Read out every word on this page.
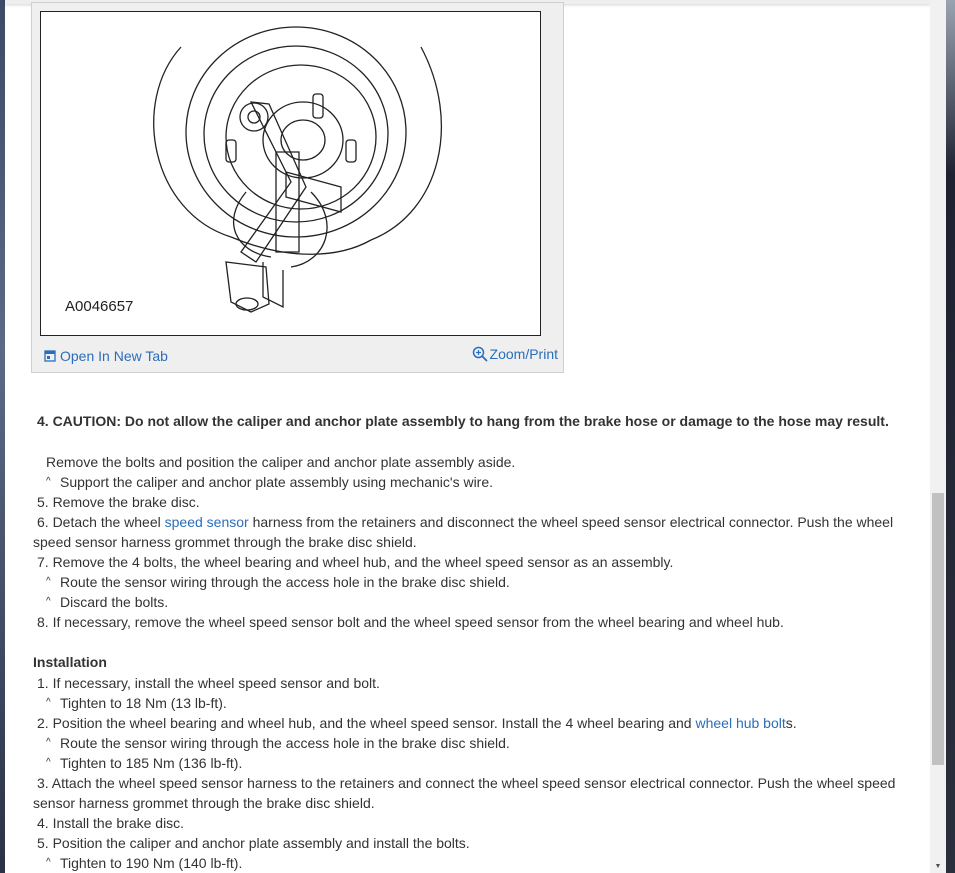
A0046657
Open In New Tab	Zoom/Print
4. CAUTION: Do not allow the caliper and anchor plate assembly to hang from the brake hose or damage to the hose may result.
Remove the bolts and position the caliper and anchor plate assembly aside.
^ Support the caliper and anchor plate assembly using mechanic's wire.
5. Remove the brake disc.
6. Detach the wheel speed sensor harness from the retainers and disconnect the wheel speed sensor electrical connector. Push the wheel speed sensor harness grommet through the brake disc shield.
7. Remove the 4 bolts, the wheel bearing and wheel hub, and the wheel speed sensor as an assembly.
^ Route the sensor wiring through the access hole in the brake disc shield.
^ Discard the bolts.
8. If necessary, remove the wheel speed sensor bolt and the wheel speed sensor from the wheel bearing and wheel hub.
Installation
1. If necessary, install the wheel speed sensor and bolt.
^ Tighten to 18 Nm (13 lb-ft).
2. Position the wheel bearing and wheel hub, and the wheel speed sensor. Install the 4 wheel bearing and wheel hub bolts.
^ Route the sensor wiring through the access hole in the brake disc shield.
^ Tighten to 185 Nm (136 lb-ft).
3. Attach the wheel speed sensor harness to the retainers and connect the wheel speed sensor electrical connector. Push the wheel speed sensor harness grommet through the brake disc shield.
4. Install the brake disc.
5. Position the caliper and anchor plate assembly and install the bolts.
^ Tighten to 190 Nm (140 lb-ft).	▼
